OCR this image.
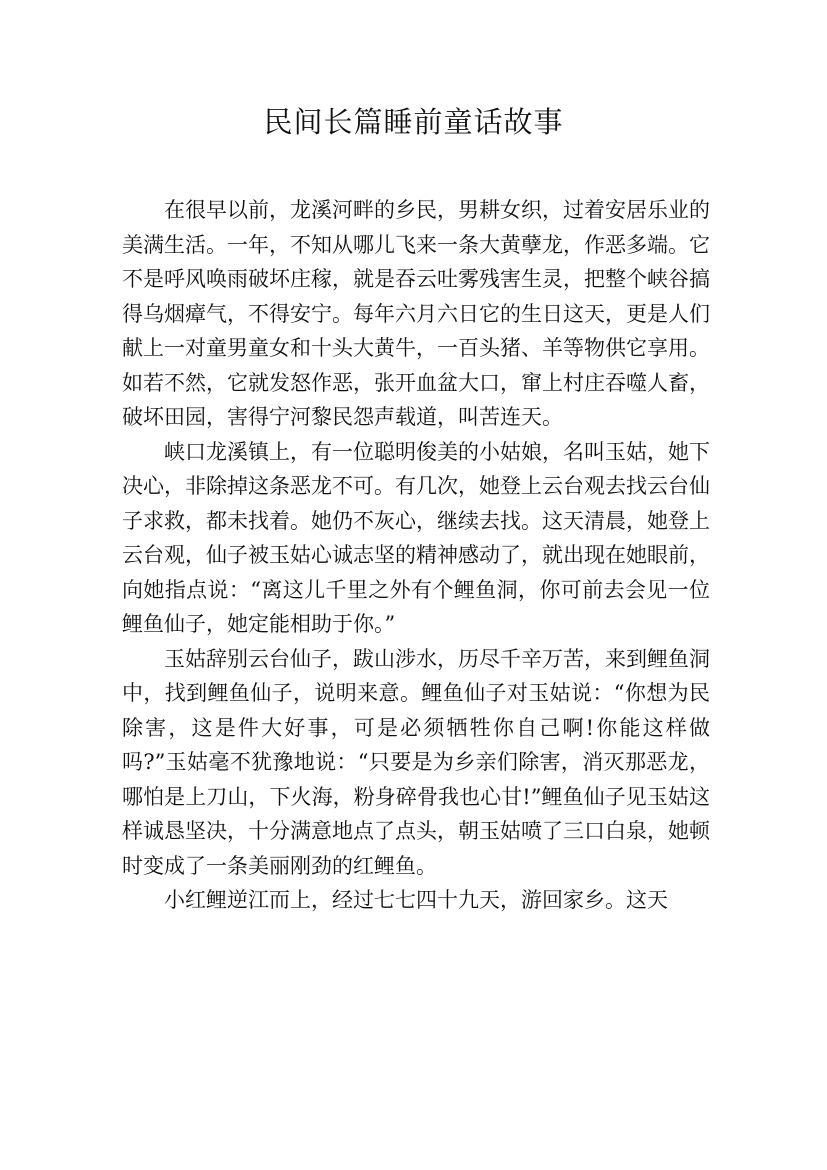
民间长篇睡前童话故事

在很早以前，龙溪河畔的乡民，男耕女织，过着安居乐业的美满生活。一年，不知从哪儿飞来一条大黄孽龙，作恶多端。它不是呼风唤雨破坏庄稼，就是吞云吐雾残害生灵，把整个峡谷搞得乌烟瘴气，不得安宁。每年六月六日它的生日这天，更是人们献上一对童男童女和十头大黄牛，一百头猪、羊等物供它享用。如若不然，它就发怒作恶，张开血盆大口，窜上村庄吞噬人畜，破坏田园，害得宁河黎民怨声载道，叫苦连天。

峡口龙溪镇上，有一位聪明俊美的小姑娘，名叫玉姑，她下决心，非除掉这条恶龙不可。有几次，她登上云台观去找云台仙子求救，都未找着。她仍不灰心，继续去找。这天清晨，她登上云台观，仙子被玉姑心诚志坚的精神感动了，就出现在她眼前，向她指点说：“离这儿千里之外有个鲤鱼洞，你可前去会见一位鲤鱼仙子，她定能相助于你。”

玉姑辞别云台仙子，跋山涉水，历尽千辛万苦，来到鲤鱼洞中，找到鲤鱼仙子，说明来意。鲤鱼仙子对玉姑说：“你想为民除害，这是件大好事，可是必须牺牲你自己啊!你能这样做吗?”玉姑毫不犹豫地说：“只要是为乡亲们除害，消灭那恶龙，哪怕是上刀山，下火海，粉身碎骨我也心甘!”鲤鱼仙子见玉姑这样诚恳坚决，十分满意地点了点头，朝玉姑喷了三口白泉，她顿时变成了一条美丽刚劲的红鲤鱼。

小红鲤逆江而上，经过七七四十九天，游回家乡。这天
